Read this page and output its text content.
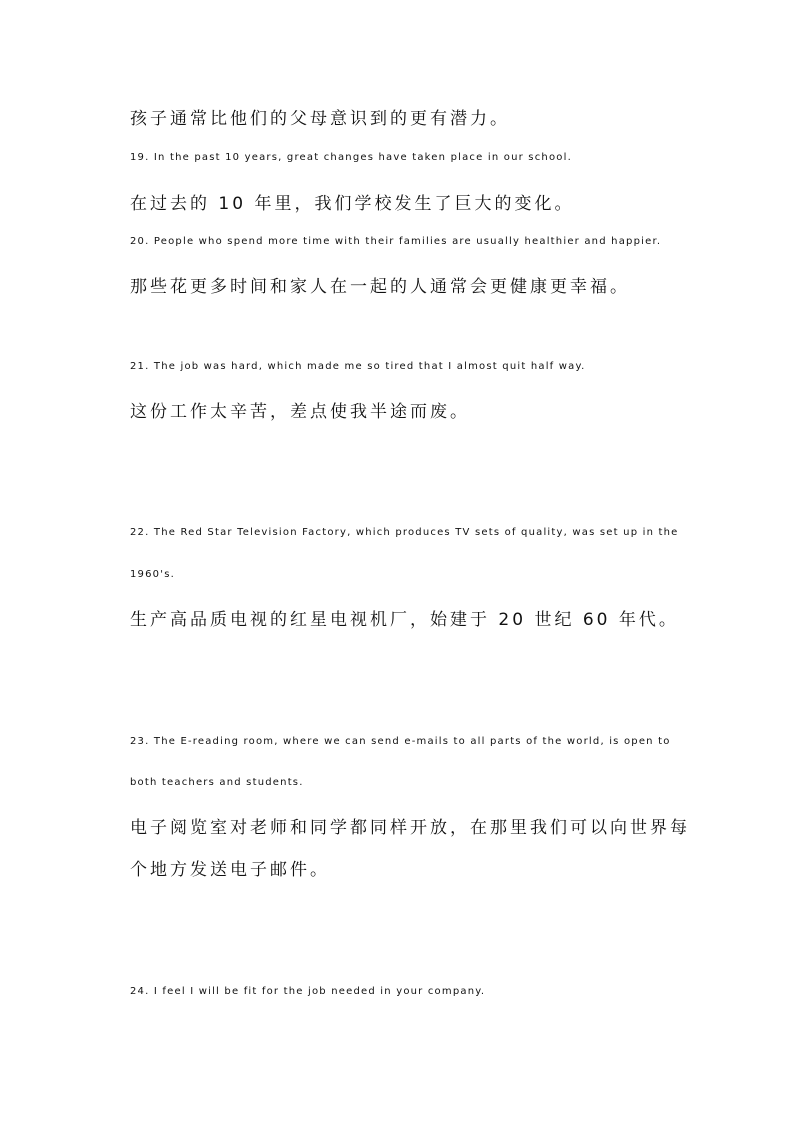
孩子通常比他们的父母意识到的更有潜力。

19. In the past 10 years, great changes have taken place in our school.

在过去的 10 年里，我们学校发生了巨大的变化。

20. People who spend more time with their families are usually healthier and happier.

那些花更多时间和家人在一起的人通常会更健康更幸福。

21. The job was hard, which made me so tired that I almost quit half way.

这份工作太辛苦，差点使我半途而废。

22. The Red Star Television Factory, which produces TV sets of quality, was set up in the

1960's.

生产高品质电视的红星电视机厂，始建于 20 世纪 60 年代。

23. The E-reading room, where we can send e-mails to all parts of the world, is open to

both teachers and students.

电子阅览室对老师和同学都同样开放，在那里我们可以向世界每

个地方发送电子邮件。

24. I feel I will be fit for the job needed in your company.
